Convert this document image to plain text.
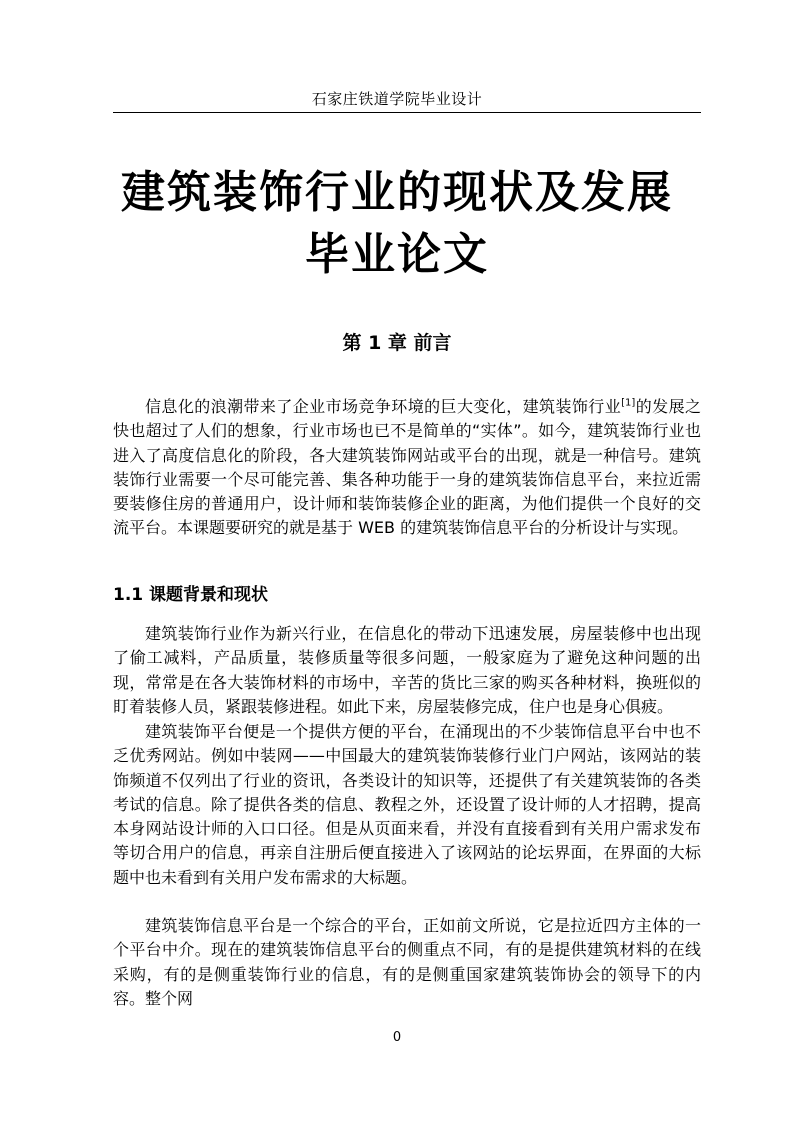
石家庄铁道学院毕业设计
建筑装饰行业的现状及发展
毕业论文
第 1 章 前言
信息化的浪潮带来了企业市场竞争环境的巨大变化，建筑装饰行业[1]的发展之快也超过了人们的想象，行业市场也已不是简单的“实体”。如今，建筑装饰行业也进入了高度信息化的阶段，各大建筑装饰网站或平台的出现，就是一种信号。建筑装饰行业需要一个尽可能完善、集各种功能于一身的建筑装饰信息平台，来拉近需要装修住房的普通用户，设计师和装饰装修企业的距离，为他们提供一个良好的交流平台。本课题要研究的就是基于 WEB 的建筑装饰信息平台的分析设计与实现。
1.1 课题背景和现状
建筑装饰行业作为新兴行业，在信息化的带动下迅速发展，房屋装修中也出现了偷工减料，产品质量，装修质量等很多问题，一般家庭为了避免这种问题的出现，常常是在各大装饰材料的市场中，辛苦的货比三家的购买各种材料，换班似的盯着装修人员，紧跟装修进程。如此下来，房屋装修完成，住户也是身心俱疲。
建筑装饰平台便是一个提供方便的平台，在涌现出的不少装饰信息平台中也不乏优秀网站。例如中装网——中国最大的建筑装饰装修行业门户网站，该网站的装饰频道不仅列出了行业的资讯，各类设计的知识等，还提供了有关建筑装饰的各类考试的信息。除了提供各类的信息、教程之外，还设置了设计师的人才招聘，提高本身网站设计师的入口口径。但是从页面来看，并没有直接看到有关用户需求发布等切合用户的信息，再亲自注册后便直接进入了该网站的论坛界面，在界面的大标题中也未看到有关用户发布需求的大标题。
建筑装饰信息平台是一个综合的平台，正如前文所说，它是拉近四方主体的一个平台中介。现在的建筑装饰信息平台的侧重点不同，有的是提供建筑材料的在线采购，有的是侧重装饰行业的信息，有的是侧重国家建筑装饰协会的领导下的内容。整个网
0
